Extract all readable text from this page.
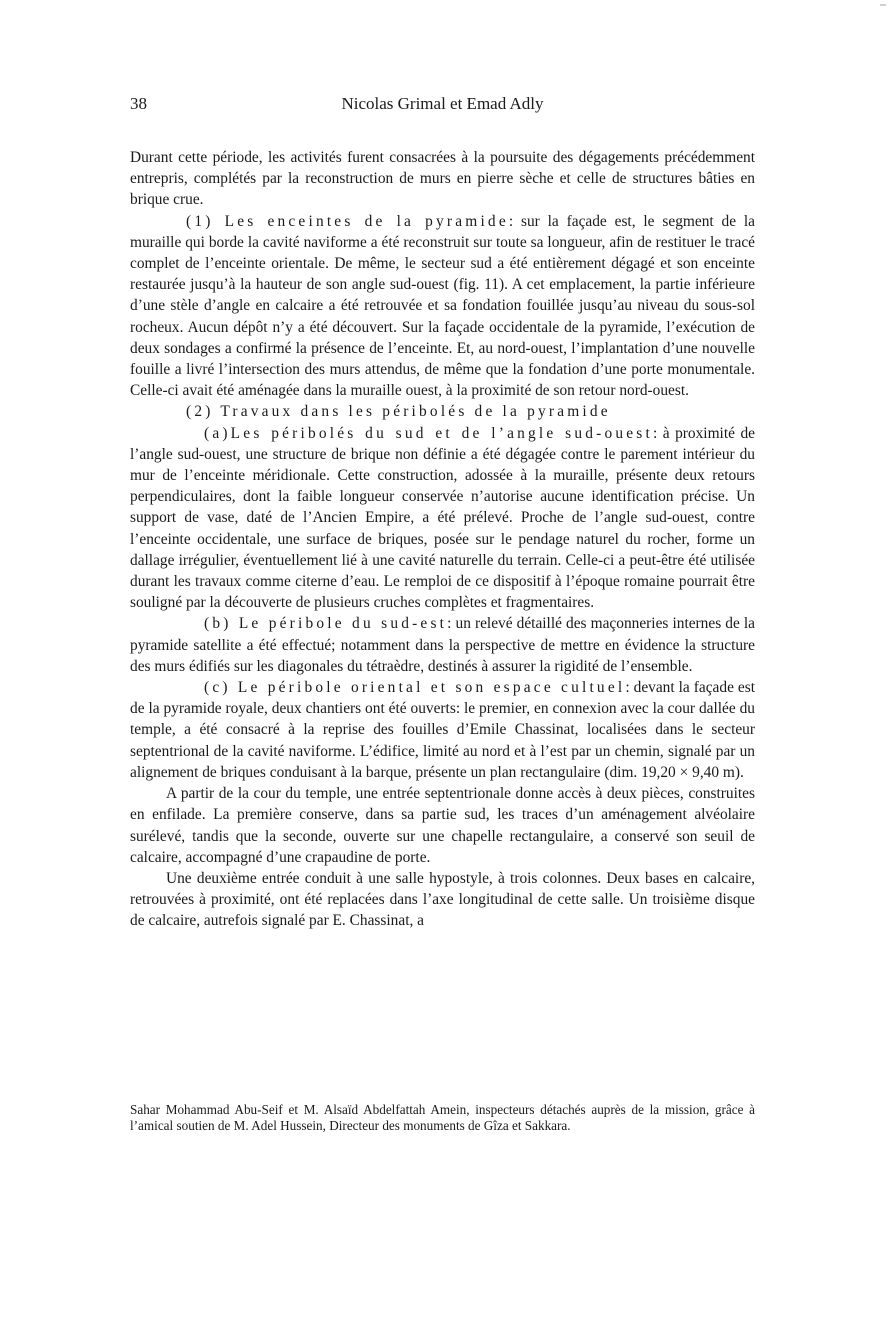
38	Nicolas Grimal et Emad Adly

Durant cette période, les activités furent consacrées à la poursuite des dégagements précédemment entrepris, complétés par la reconstruction de murs en pierre sèche et celle de structures bâties en brique crue.

(1) Les enceintes de la pyramide: sur la façade est, le segment de la muraille qui borde la cavité naviforme a été reconstruit sur toute sa longueur, afin de restituer le tracé complet de l’enceinte orientale. De même, le secteur sud a été entièrement dégagé et son enceinte restaurée jusqu’à la hauteur de son angle sud-ouest (fig. 11). A cet emplacement, la partie inférieure d’une stèle d’angle en calcaire a été retrouvée et sa fondation fouillée jusqu’au niveau du sous-sol rocheux. Aucun dépôt n’y a été découvert. Sur la façade occidentale de la pyramide, l’exécution de deux sondages a confirmé la présence de l’enceinte. Et, au nord-ouest, l’implantation d’une nouvelle fouille a livré l’intersection des murs attendus, de même que la fondation d’une porte monumentale. Celle-ci avait été aménagée dans la muraille ouest, à la proximité de son retour nord-ouest.

(2) Travaux dans les péribolés de la pyramide

(a)Les péribolés du sud et de l’angle sud-ouest: à proximité de l’angle sud-ouest, une structure de brique non définie a été dégagée contre le parement intérieur du mur de l’enceinte méridionale. Cette construction, adossée à la muraille, présente deux retours perpendiculaires, dont la faible longueur conservée n’autorise aucune identification précise. Un support de vase, daté de l’Ancien Empire, a été prélevé. Proche de l’angle sud-ouest, contre l’enceinte occidentale, une surface de briques, posée sur le pendage naturel du rocher, forme un dallage irrégulier, éventuellement lié à une cavité naturelle du terrain. Celle-ci a peut-être été utilisée durant les travaux comme citerne d’eau. Le remploi de ce dispositif à l’époque romaine pourrait être souligné par la découverte de plusieurs cruches complètes et fragmentaires.

(b) Le péribole du sud-est: un relevé détaillé des maçonneries internes de la pyramide satellite a été effectué; notamment dans la perspective de mettre en évidence la structure des murs édifiés sur les diagonales du tétraèdre, destinés à assurer la rigidité de l’ensemble.

(c) Le péribole oriental et son espace cultuel: devant la façade est de la pyramide royale, deux chantiers ont été ouverts: le premier, en connexion avec la cour dallée du temple, a été consacré à la reprise des fouilles d’Emile Chassinat, localisées dans le secteur septentrional de la cavité naviforme. L’édifice, limité au nord et à l’est par un chemin, signalé par un alignement de briques conduisant à la barque, présente un plan rectangulaire (dim. 19,20 × 9,40 m).

A partir de la cour du temple, une entrée septentrionale donne accès à deux pièces, construites en enfilade. La première conserve, dans sa partie sud, les traces d’un aménagement alvéolaire surélevé, tandis que la seconde, ouverte sur une chapelle rectangulaire, a conservé son seuil de calcaire, accompagné d’une crapaudine de porte.

Une deuxième entrée conduit à une salle hypostyle, à trois colonnes. Deux bases en calcaire, retrouvées à proximité, ont été replacées dans l’axe longitudinal de cette salle. Un troisième disque de calcaire, autrefois signalé par E. Chassinat, a

Sahar Mohammad Abu-Seif et M. Alsaïd Abdelfattah Amein, inspecteurs détachés auprès de la mission, grâce à l’amical soutien de M. Adel Hussein, Directeur des monuments de Gîza et Sakkara.
